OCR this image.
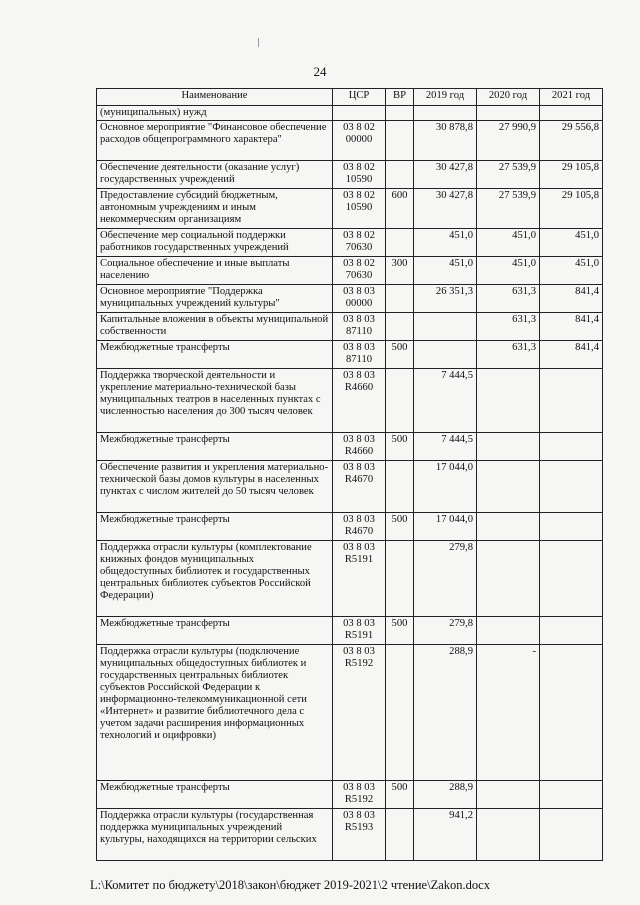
24
Наименование	ЦСР	ВР	2019 год	2020 год	2021 год
(муниципальных) нужд					
Основное мероприятие "Финансовое обеспечение расходов общепрограммного характера"	03 8 02 00000		30 878,8	27 990,9	29 556,8
Обеспечение деятельности (оказание услуг) государственных учреждений	03 8 02 10590		30 427,8	27 539,9	29 105,8
Предоставление субсидий бюджетным, автономным учреждениям и иным некоммерческим организациям	03 8 02 10590	600	30 427,8	27 539,9	29 105,8
Обеспечение мер социальной поддержки работников государственных учреждений	03 8 02 70630		451,0	451,0	451,0
Социальное обеспечение и иные выплаты населению	03 8 02 70630	300	451,0	451,0	451,0
Основное мероприятие "Поддержка муниципальных учреждений культуры"	03 8 03 00000		26 351,3	631,3	841,4
Капитальные вложения в объекты муниципальной собственности	03 8 03 87110			631,3	841,4
Межбюджетные трансферты	03 8 03 87110	500		631,3	841,4
Поддержка творческой деятельности и укрепление материально-технической базы муниципальных театров в населенных пунктах с численностью населения до 300 тысяч человек	03 8 03 R4660		7 444,5		
Межбюджетные трансферты	03 8 03 R4660	500	7 444,5		
Обеспечение развития и укрепления материально-технической базы домов культуры в населенных пунктах с числом жителей до 50 тысяч человек	03 8 03 R4670		17 044,0		
Межбюджетные трансферты	03 8 03 R4670	500	17 044,0		
Поддержка отрасли культуры (комплектование книжных фондов муниципальных общедоступных библиотек и государственных центральных библиотек субъектов Российской Федерации)	03 8 03 R5191		279,8		
Межбюджетные трансферты	03 8 03 R5191	500	279,8		
Поддержка отрасли культуры (подключение муниципальных общедоступных библиотек и государственных центральных библиотек субъектов Российской Федерации к информационно-телекоммуникационной сети «Интернет» и развитие библиотечного дела с учетом задачи расширения информационных технологий и оцифровки)	03 8 03 R5192		288,9	-	
Межбюджетные трансферты	03 8 03 R5192	500	288,9		
Поддержка отрасли культуры (государственная поддержка муниципальных учреждений культуры, находящихся на территории сельских	03 8 03 R5193		941,2		
L:\Комитет по бюджету\2018\закон\бюджет 2019-2021\2 чтение\Zakon.docx
